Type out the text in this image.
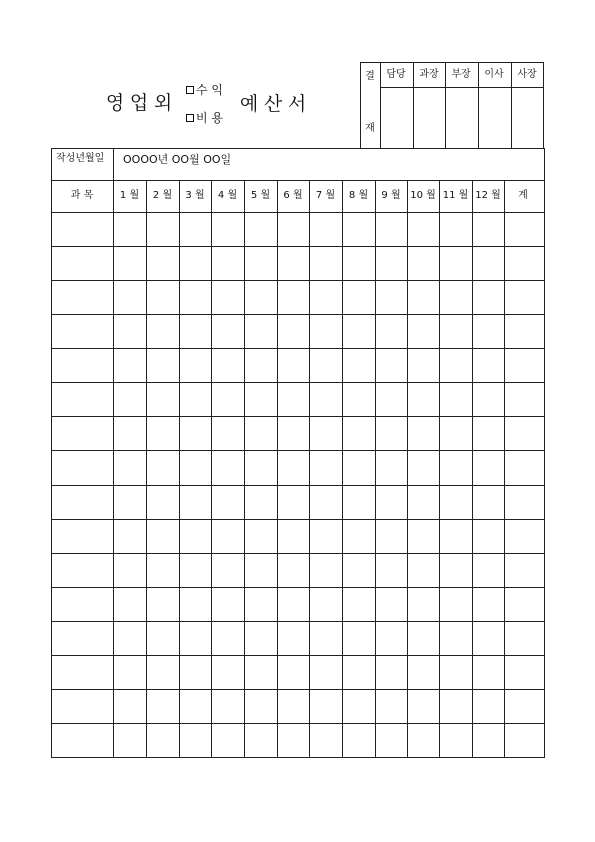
영 업 외
수 익
비 용
예 산 서
결
재
담당 과장 부장 이사 사장
작성년월일 OOOO년 OO월 OO일
과 목	계
1 월 2 월 3 월 4 월 5 월 6 월 7 월 8 월 9 월 10 월 11 월 12 월
